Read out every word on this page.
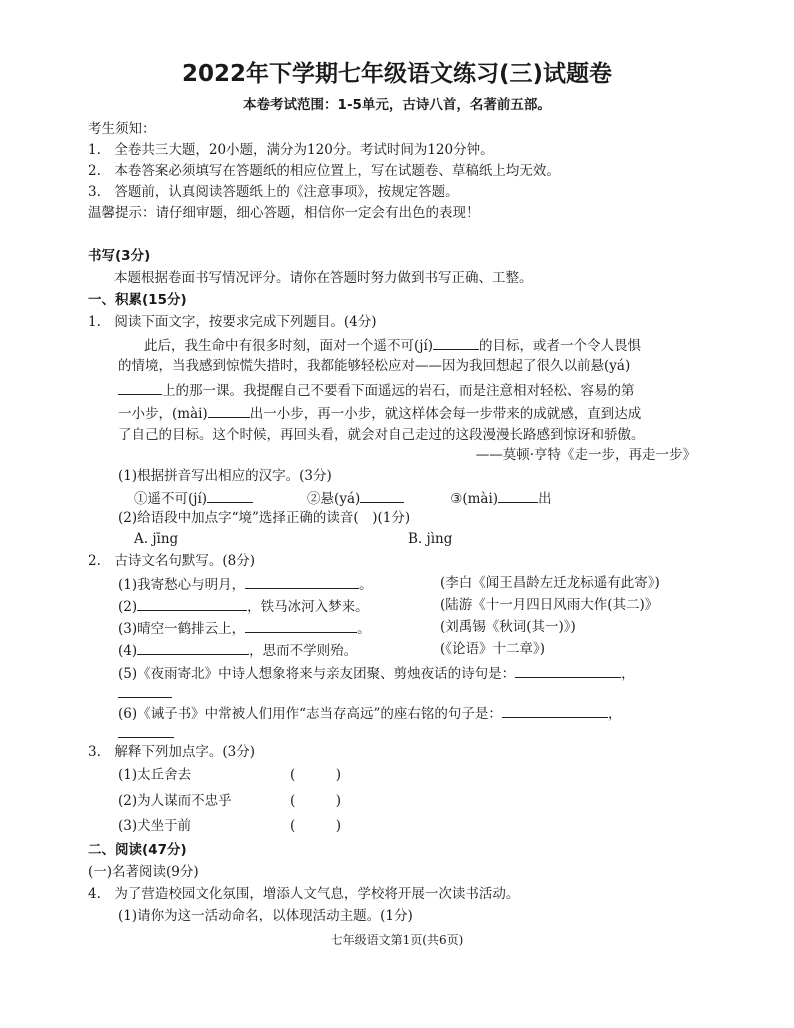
2022年下学期七年级语文练习(三)试题卷
本卷考试范围：1-5单元，古诗八首，名著前五部。
考生须知：
1.　全卷共三大题，20小题，满分为120分。考试时间为120分钟。
2.　本卷答案必须填写在答题纸的相应位置上，写在试题卷、草稿纸上均无效。
3.　答题前，认真阅读答题纸上的《注意事项》，按规定答题。
温馨提示：请仔细审题，细心答题，相信你一定会有出色的表现！
书写(3分)
本题根据卷面书写情况评分。请你在答题时努力做到书写正确、工整。
一、积累(15分)
1.　阅读下面文字，按要求完成下列题目。(4分)
此后，我生命中有很多时刻，面对一个遥不可(jí)	的目标，或者一个令人畏惧
的情境，当我感到惊慌失措时，我都能够轻松应对——因为我回想起了很久以前悬(yá)
上的那一课。我提醒自己不要看下面遥远的岩石，而是注意相对轻松、容易的第
一小步，(mài)	出一小步，再一小步，就这样体会每一步带来的成就感，直到达成
了自己的目标。这个时候，再回头看，就会对自己走过的这段漫漫长路感到惊讶和骄傲。
——莫顿·亨特《走一步，再走一步》
(1)根据拼音写出相应的汉字。(3分)
①遥不可(jí)	②悬(yá)	③(mài)	出
(2)给语段中加点字“境”选择正确的读音(　)(1分)
A. jīng	B. jìng
2.　古诗文名句默写。(8分)
(1)我寄愁心与明月，	。	(李白《闻王昌龄左迁龙标遥有此寄》)
(2)	，铁马冰河入梦来。	(陆游《十一月四日风雨大作(其二)》
(3)晴空一鹤排云上，	。	(刘禹锡《秋词(其一)》)
(4)	，思而不学则殆。	(《论语》十二章》)
(5)《夜雨寄北》中诗人想象将来与亲友团聚、剪烛夜话的诗句是：	，
(6)《诫子书》中常被人们用作“志当存高远”的座右铭的句子是：	，
3.　解释下列加点字。(3分)
(1)太丘舍去	(　　　)
(2)为人谋而不忠乎	(　　　)
(3)犬坐于前	(　　　)
二、阅读(47分)
(一)名著阅读(9分)
4.　为了营造校园文化氛围，增添人文气息，学校将开展一次读书活动。
(1)请你为这一活动命名，以体现活动主题。(1分)
七年级语文第1页(共6页)
